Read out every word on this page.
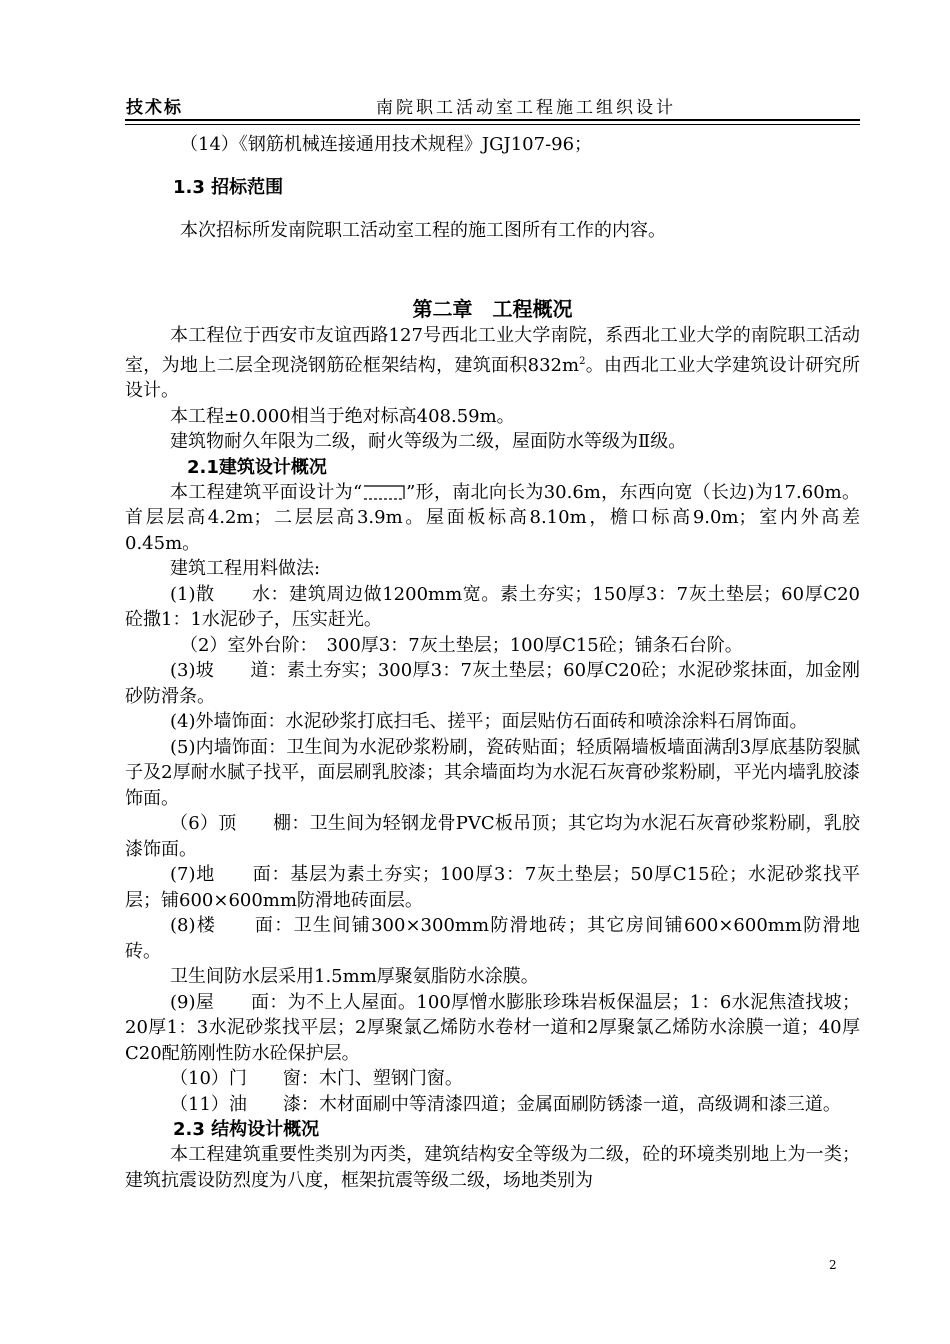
技术标	南院职工活动室工程施工组织设计

（14）《钢筋机械连接通用技术规程》JGJ107-96；

1.3 招标范围

本次招标所发南院职工活动室工程的施工图所有工作的内容。

第二章　工程概况

本工程位于西安市友谊西路127号西北工业大学南院，系西北工业大学的南院职工活动室，为地上二层全现浇钢筋砼框架结构，建筑面积$832m^2$。由西北工业大学建筑设计研究所设计。

本工程±0.000相当于绝对标高408.59m。

建筑物耐久年限为二级，耐火等级为二级，屋面防水等级为Ⅱ级。

2.1建筑设计概况

本工程建筑平面设计为“ ”形，南北向长为30.6m，东西向宽（长边)为17.60m。首层层高4.2m；二层层高3.9m。屋面板标高8.10m，檐口标高9.0m；室内外高差0.45m。

建筑工程用料做法:

(1)散　　水：建筑周边做1200mm宽。素土夯实；150厚3：7灰土垫层；60厚C20砼撒1：1水泥砂子，压实赶光。

（2）室外台阶：　300厚3：7灰土垫层；100厚C15砼；铺条石台阶。

(3)坡　　道：素土夯实；300厚3：7灰土垫层；60厚C20砼；水泥砂浆抹面，加金刚砂防滑条。

(4)外墙饰面：水泥砂浆打底扫毛、搓平；面层贴仿石面砖和喷涂涂料石屑饰面。

(5)内墙饰面：卫生间为水泥砂浆粉刷，瓷砖贴面；轻质隔墙板墙面满刮3厚底基防裂腻子及2厚耐水腻子找平，面层刷乳胶漆；其余墙面均为水泥石灰膏砂浆粉刷，平光内墙乳胶漆饰面。

（6）顶　　棚：卫生间为轻钢龙骨PVC板吊顶；其它均为水泥石灰膏砂浆粉刷，乳胶漆饰面。

(7)地　　面：基层为素土夯实；100厚3：7灰土垫层；50厚C15砼；水泥砂浆找平层；铺600×600mm防滑地砖面层。

(8)楼　　面：卫生间铺300×300mm防滑地砖；其它房间铺600×600mm防滑地砖。

卫生间防水层采用1.5mm厚聚氨脂防水涂膜。

(9)屋　　面：为不上人屋面。100厚憎水膨胀珍珠岩板保温层；1：6水泥焦渣找坡；20厚1：3水泥砂浆找平层；2厚聚氯乙烯防水卷材一道和2厚聚氯乙烯防水涂膜一道；40厚C20配筋刚性防水砼保护层。

（10）门　　窗：木门、塑钢门窗。

（11）油　　漆：木材面刷中等清漆四道；金属面刷防锈漆一道，高级调和漆三道。

2.3 结构设计概况

本工程建筑重要性类别为丙类，建筑结构安全等级为二级，砼的环境类别地上为一类；建筑抗震设防烈度为八度，框架抗震等级二级，场地类别为

2
